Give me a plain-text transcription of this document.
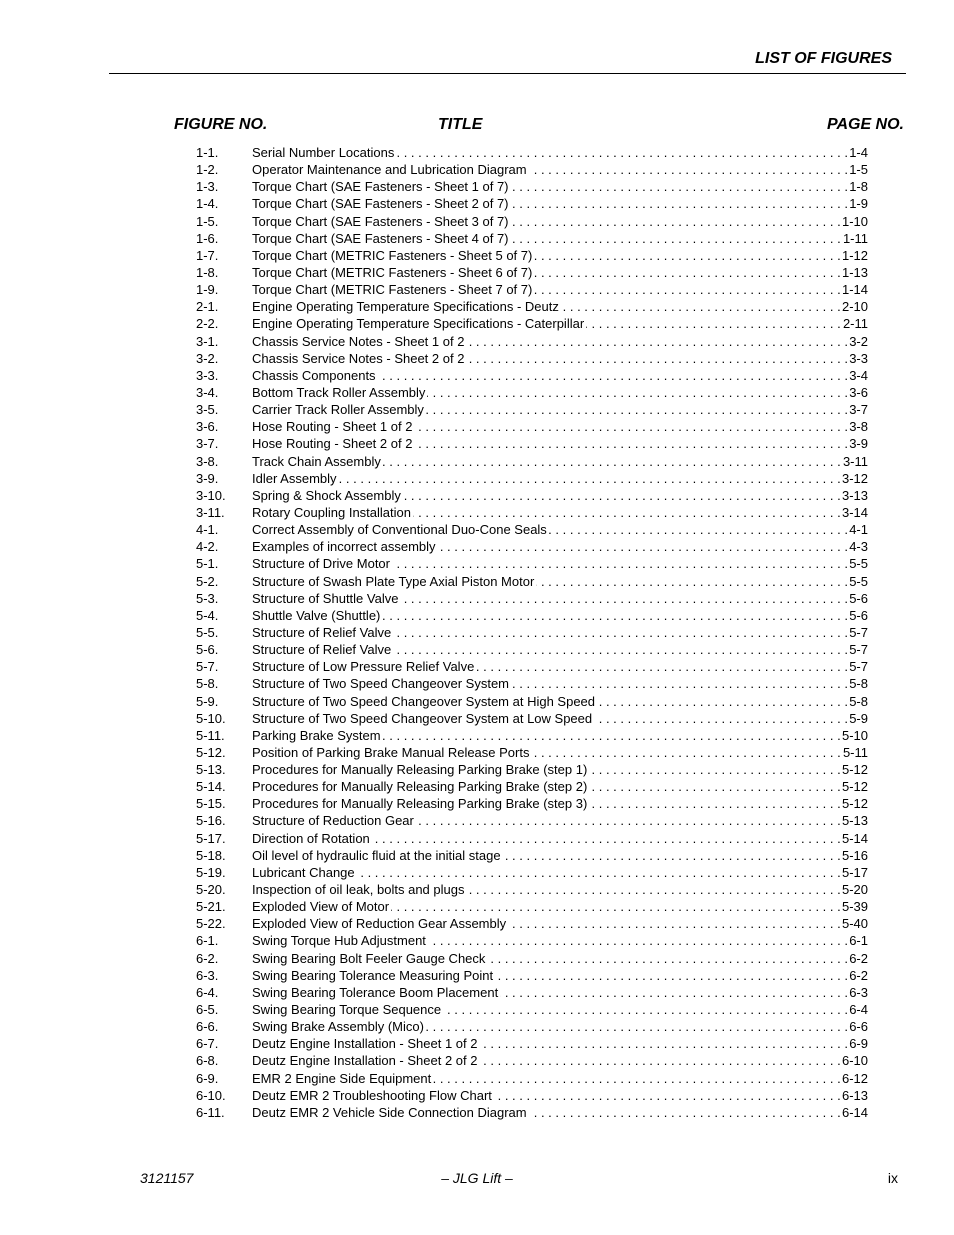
LIST OF FIGURES
FIGURE NO.	TITLE	PAGE NO.
1-1.	Serial Number Locations . . .	1-4
1-2.	Operator Maintenance and Lubrication Diagram . . .	1-5
1-3.	Torque Chart (SAE Fasteners - Sheet 1 of 7) . . .	1-8
1-4.	Torque Chart (SAE Fasteners - Sheet 2 of 7) . . .	1-9
1-5.	Torque Chart (SAE Fasteners - Sheet 3 of 7) . . .	1-10
1-6.	Torque Chart (SAE Fasteners - Sheet 4 of 7) . . .	1-11
1-7.	Torque Chart (METRIC Fasteners - Sheet 5 of 7) . . .	1-12
1-8.	Torque Chart (METRIC Fasteners - Sheet 6 of 7) . . .	1-13
1-9.	Torque Chart (METRIC Fasteners - Sheet 7 of 7) . . .	1-14
2-1.	Engine Operating Temperature Specifications - Deutz . . .	2-10
2-2.	Engine Operating Temperature Specifications - Caterpillar . . .	2-11
3-1.	Chassis Service Notes - Sheet 1 of 2 . . .	3-2
3-2.	Chassis Service Notes - Sheet 2 of 2 . . .	3-3
3-3.	Chassis Components . . .	3-4
3-4.	Bottom Track Roller Assembly . . .	3-6
3-5.	Carrier Track Roller Assembly . . .	3-7
3-6.	Hose Routing - Sheet 1 of 2 . . .	3-8
3-7.	Hose Routing - Sheet 2 of 2 . . .	3-9
3-8.	Track Chain Assembly . . .	3-11
3-9.	Idler Assembly . . .	3-12
3-10.	Spring & Shock Assembly . . .	3-13
3-11.	Rotary Coupling Installation . . .	3-14
4-1.	Correct Assembly of Conventional Duo-Cone Seals . . .	4-1
4-2.	Examples of incorrect assembly . . .	4-3
5-1.	Structure of Drive Motor . . .	5-5
5-2.	Structure of Swash Plate Type Axial Piston Motor . . .	5-5
5-3.	Structure of Shuttle Valve . . .	5-6
5-4.	Shuttle Valve (Shuttle) . . .	5-6
5-5.	Structure of Relief Valve . . .	5-7
5-6.	Structure of Relief Valve . . .	5-7
5-7.	Structure of Low Pressure Relief Valve . . .	5-7
5-8.	Structure of Two Speed Changeover System . . .	5-8
5-9.	Structure of Two Speed Changeover System at High Speed . . .	5-8
5-10.	Structure of Two Speed Changeover System at Low Speed . . .	5-9
5-11.	Parking Brake System . . .	5-10
5-12.	Position of Parking Brake Manual Release Ports . . .	5-11
5-13.	Procedures for Manually Releasing Parking Brake (step 1) . . .	5-12
5-14.	Procedures for Manually Releasing Parking Brake (step 2) . . .	5-12
5-15.	Procedures for Manually Releasing Parking Brake (step 3) . . .	5-12
5-16.	Structure of Reduction Gear . . .	5-13
5-17.	Direction of Rotation . . .	5-14
5-18.	Oil level of hydraulic fluid at the initial stage . . .	5-16
5-19.	Lubricant Change . . .	5-17
5-20.	Inspection of oil leak, bolts and plugs . . .	5-20
5-21.	Exploded View of Motor . . .	5-39
5-22.	Exploded View of Reduction Gear Assembly . . .	5-40
6-1.	Swing Torque Hub Adjustment . . .	6-1
6-2.	Swing Bearing Bolt Feeler Gauge Check . . .	6-2
6-3.	Swing Bearing Tolerance Measuring Point . . .	6-2
6-4.	Swing Bearing Tolerance Boom Placement . . .	6-3
6-5.	Swing Bearing Torque Sequence . . .	6-4
6-6.	Swing Brake Assembly (Mico) . . .	6-6
6-7.	Deutz Engine Installation - Sheet 1 of 2 . . .	6-9
6-8.	Deutz Engine Installation - Sheet 2 of 2 . . .	6-10
6-9.	EMR 2 Engine Side Equipment . . .	6-12
6-10.	Deutz EMR 2 Troubleshooting Flow Chart . . .	6-13
6-11.	Deutz EMR 2 Vehicle Side Connection Diagram . . .	6-14
3121157	– JLG Lift –	ix
